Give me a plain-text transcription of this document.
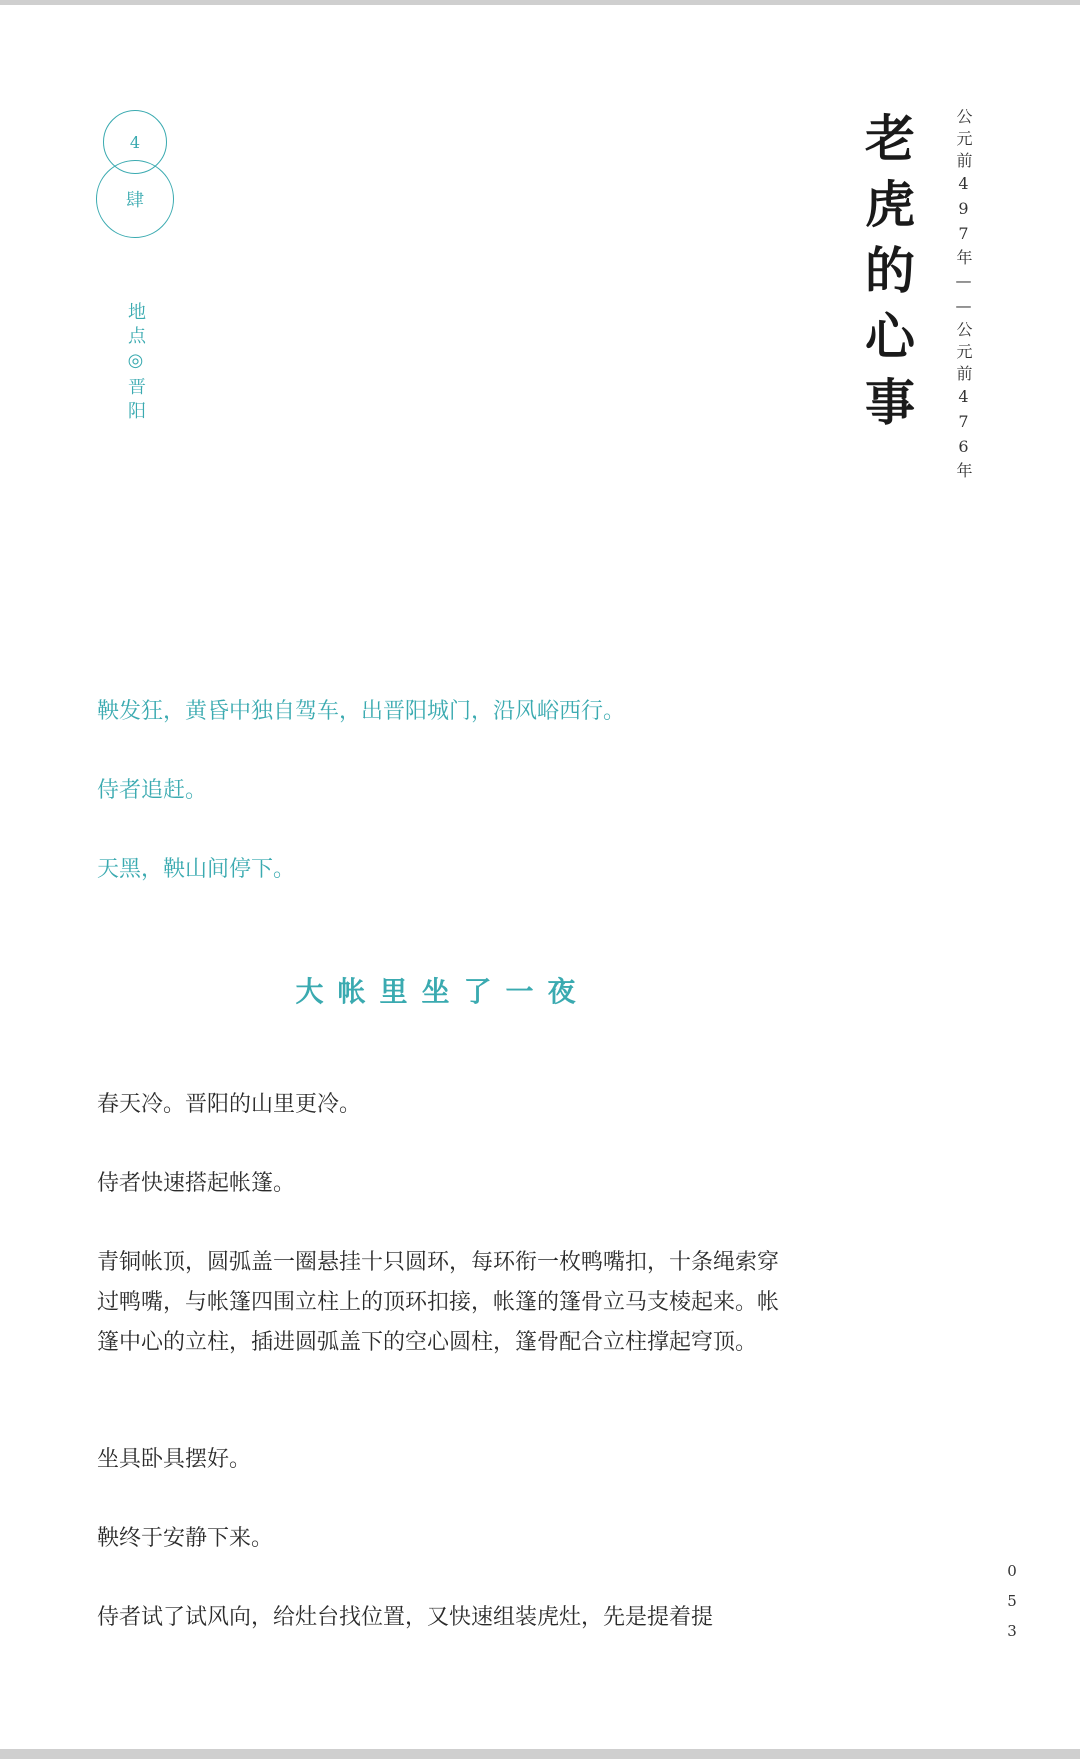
4
肆
地点◎晋阳	老虎的心事	公元前497年——公元前476年

鞅发狂，黄昏中独自驾车，出晋阳城门，沿风峪西行。

侍者追赶。

天黑，鞅山间停下。

大帐里坐了一夜

春天冷。晋阳的山里更冷。

侍者快速搭起帐篷。

青铜帐顶，圆弧盖一圈悬挂十只圆环，每环衔一枚鸭嘴扣，十条绳索穿过鸭嘴，与帐篷四围立柱上的顶环扣接，帐篷的篷骨立马支棱起来。帐篷中心的立柱，插进圆弧盖下的空心圆柱，篷骨配合立柱撑起穹顶。

坐具卧具摆好。

鞅终于安静下来。

侍者试了试风向，给灶台找位置，又快速组装虎灶，先是提着提	053
